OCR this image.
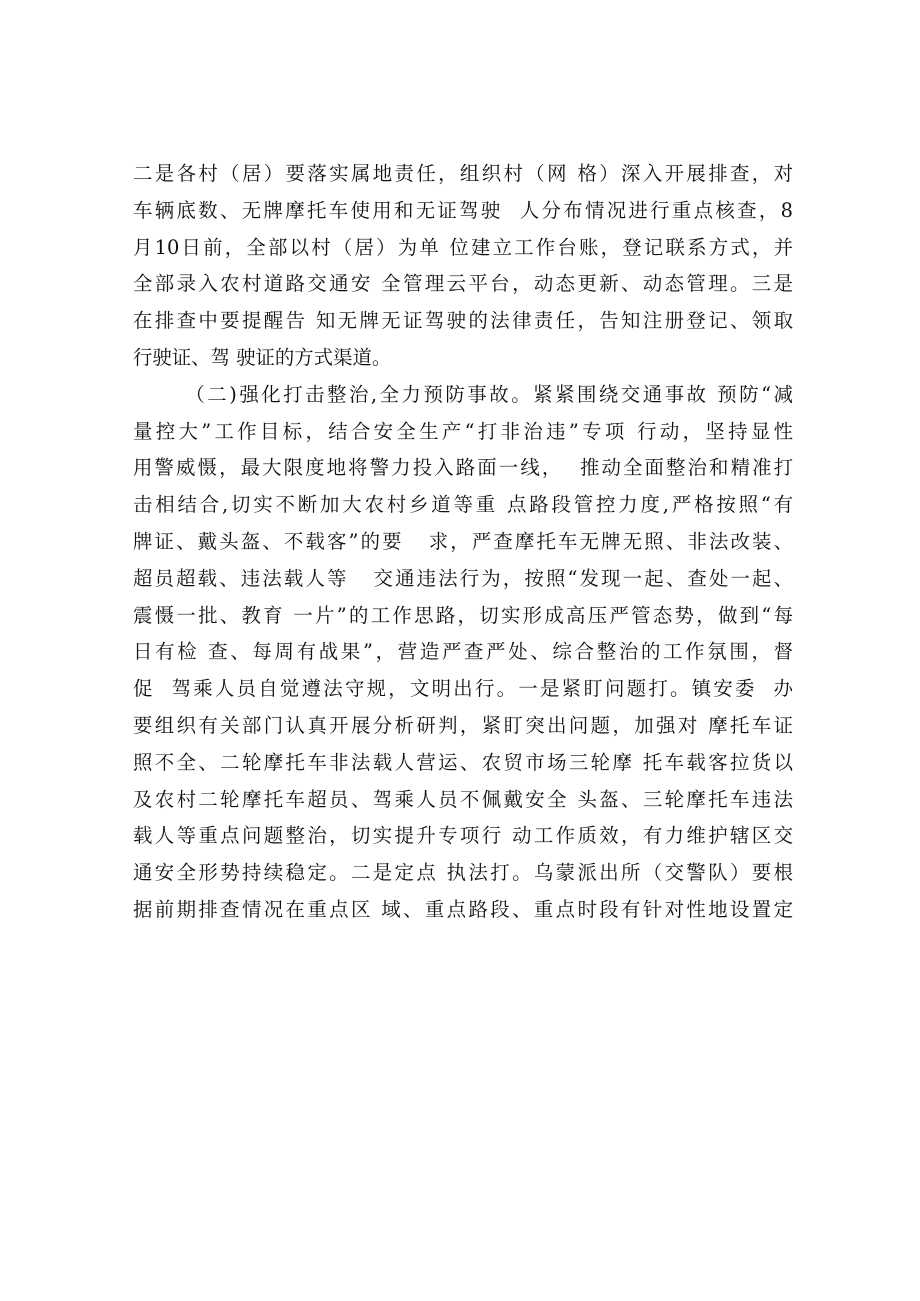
二是各村（居）要落实属地责任，组织村（网 格）深入开展排查，对
车辆底数、无牌摩托车使用和无证驾驶  人分布情况进行重点核查，8
月10日前，全部以村（居）为单 位建立工作台账，登记联系方式，并
全部录入农村道路交通安 全管理云平台，动态更新、动态管理。三是
在排查中要提醒告 知无牌无证驾驶的法律责任，告知注册登记、领取
行驶证、驾 驶证的方式渠道。
（二)强化打击整治,全力预防事故。紧紧围绕交通事故 预防“减
量控大”工作目标，结合安全生产“打非治违”专项 行动，坚持显性
用警威慑，最大限度地将警力投入路面一线，  推动全面整治和精准打
击相结合,切实不断加大农村乡道等重 点路段管控力度,严格按照“有
牌证、戴头盔、不载客”的要   求，严查摩托车无牌无照、非法改装、
超员超载、违法载人等   交通违法行为，按照“发现一起、查处一起、
震慑一批、教育 一片”的工作思路，切实形成高压严管态势，做到“每
日有检 查、每周有战果”，营造严查严处、综合整治的工作氛围，督
促  驾乘人员自觉遵法守规，文明出行。一是紧盯问题打。镇安委  办
要组织有关部门认真开展分析研判，紧盯突出问题，加强对 摩托车证
照不全、二轮摩托车非法载人营运、农贸市场三轮摩 托车载客拉货以
及农村二轮摩托车超员、驾乘人员不佩戴安全 头盔、三轮摩托车违法
载人等重点问题整治，切实提升专项行 动工作质效，有力维护辖区交
通安全形势持续稳定。二是定点 执法打。乌蒙派出所（交警队）要根
据前期排查情况在重点区 域、重点路段、重点时段有针对性地设置定
